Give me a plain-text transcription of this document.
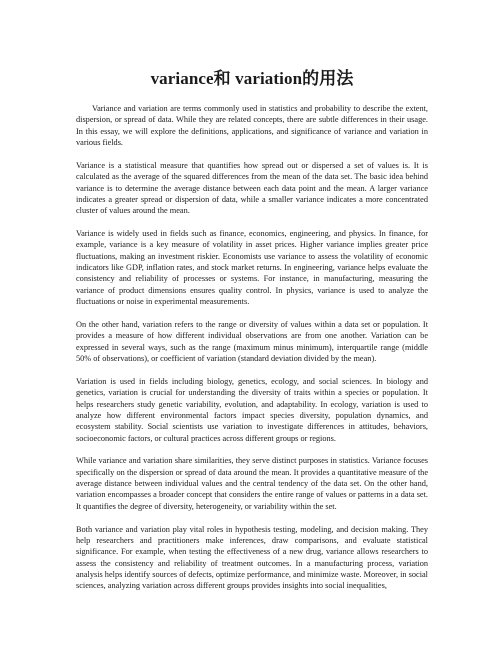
variance和 variation的用法

Variance and variation are terms commonly used in statistics and probability to describe the extent, dispersion, or spread of data. While they are related concepts, there are subtle differences in their usage. In this essay, we will explore the definitions, applications, and significance of variance and variation in various fields.

Variance is a statistical measure that quantifies how spread out or dispersed a set of values is. It is calculated as the average of the squared differences from the mean of the data set. The basic idea behind variance is to determine the average distance between each data point and the mean. A larger variance indicates a greater spread or dispersion of data, while a smaller variance indicates a more concentrated cluster of values around the mean.

Variance is widely used in fields such as finance, economics, engineering, and physics. In finance, for example, variance is a key measure of volatility in asset prices. Higher variance implies greater price fluctuations, making an investment riskier. Economists use variance to assess the volatility of economic indicators like GDP, inflation rates, and stock market returns. In engineering, variance helps evaluate the consistency and reliability of processes or systems. For instance, in manufacturing, measuring the variance of product dimensions ensures quality control. In physics, variance is used to analyze the fluctuations or noise in experimental measurements.

On the other hand, variation refers to the range or diversity of values within a data set or population. It provides a measure of how different individual observations are from one another. Variation can be expressed in several ways, such as the range (maximum minus minimum), interquartile range (middle 50% of observations), or coefficient of variation (standard deviation divided by the mean).

Variation is used in fields including biology, genetics, ecology, and social sciences. In biology and genetics, variation is crucial for understanding the diversity of traits within a species or population. It helps researchers study genetic variability, evolution, and adaptability. In ecology, variation is used to analyze how different environmental factors impact species diversity, population dynamics, and ecosystem stability. Social scientists use variation to investigate differences in attitudes, behaviors, socioeconomic factors, or cultural practices across different groups or regions.

While variance and variation share similarities, they serve distinct purposes in statistics. Variance focuses specifically on the dispersion or spread of data around the mean. It provides a quantitative measure of the average distance between individual values and the central tendency of the data set. On the other hand, variation encompasses a broader concept that considers the entire range of values or patterns in a data set. It quantifies the degree of diversity, heterogeneity, or variability within the set.

Both variance and variation play vital roles in hypothesis testing, modeling, and decision making. They help researchers and practitioners make inferences, draw comparisons, and evaluate statistical significance. For example, when testing the effectiveness of a new drug, variance allows researchers to assess the consistency and reliability of treatment outcomes. In a manufacturing process, variation analysis helps identify sources of defects, optimize performance, and minimize waste. Moreover, in social sciences, analyzing variation across different groups provides insights into social inequalities,
